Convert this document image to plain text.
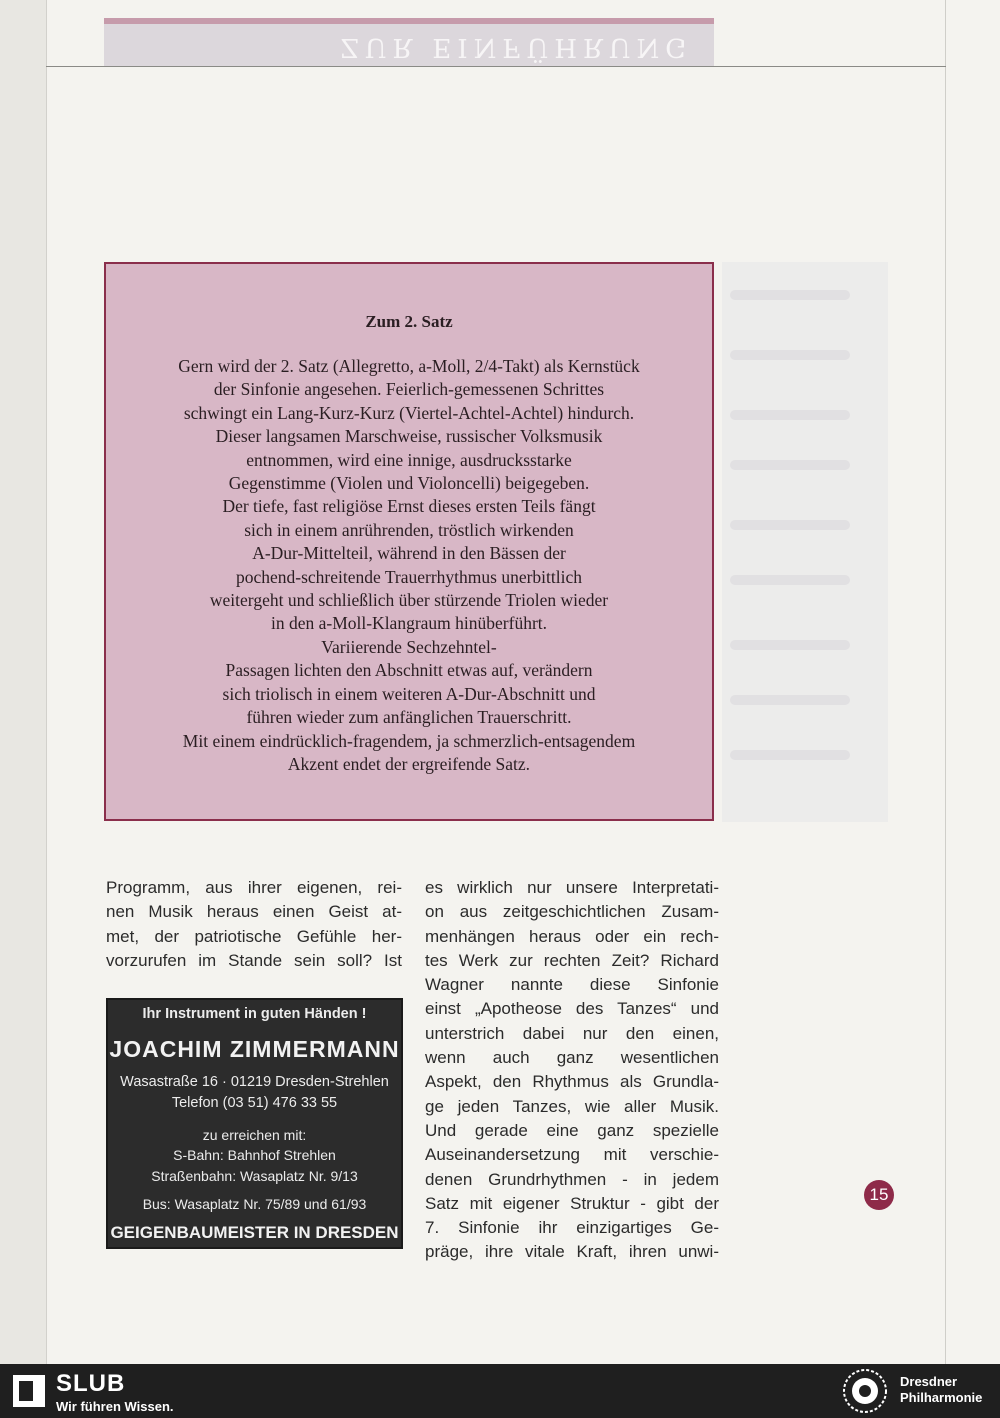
ZUR EINFÜHRUNG
Zum 2. Satz
Gern wird der 2. Satz (Allegretto, a-Moll, 2/4-Takt) als Kernstück
der Sinfonie angesehen. Feierlich-gemessenen Schrittes
schwingt ein Lang-Kurz-Kurz (Viertel-Achtel-Achtel) hindurch.
Dieser langsamen Marschweise, russischer Volksmusik
entnommen, wird eine innige, ausdrucksstarke
Gegenstimme (Violen und Violoncelli) beigegeben.
Der tiefe, fast religiöse Ernst dieses ersten Teils fängt
sich in einem anrührenden, tröstlich wirkenden
A-Dur-Mittelteil, während in den Bässen der
pochend-schreitende Trauerrhythmus unerbittlich
weitergeht und schließlich über stürzende Triolen wieder
in den a-Moll-Klangraum hinüberführt.
Variierende Sechzehntel-
Passagen lichten den Abschnitt etwas auf, verändern
sich triolisch in einem weiteren A-Dur-Abschnitt und
führen wieder zum anfänglichen Trauerschritt.
Mit einem eindrücklich-fragendem, ja schmerzlich-entsagendem
Akzent endet der ergreifende Satz.
Programm, aus ihrer eigenen, rei-
nen Musik heraus einen Geist at-
met, der patriotische Gefühle her-
vorzurufen im Stande sein soll? Ist
es wirklich nur unsere Interpretati-
on aus zeitgeschichtlichen Zusam-
menhängen heraus oder ein rech-
tes Werk zur rechten Zeit? Richard
Wagner nannte diese Sinfonie
einst „Apotheose des Tanzes“ und
unterstrich dabei nur den einen,
wenn auch ganz wesentlichen
Aspekt, den Rhythmus als Grundla-
ge jeden Tanzes, wie aller Musik.
Und gerade eine ganz spezielle
Auseinandersetzung mit verschie-
denen Grundrhythmen - in jedem
Satz mit eigener Struktur - gibt der
7. Sinfonie ihr einzigartiges Ge-
präge, ihre vitale Kraft, ihren unwi-
Ihr Instrument in guten Händen !
JOACHIM ZIMMERMANN
Wasastraße 16 · 01219 Dresden-Strehlen
Telefon (03 51) 476 33 55
zu erreichen mit:
S-Bahn: Bahnhof Strehlen
Straßenbahn: Wasaplatz Nr. 9/13
Bus: Wasaplatz Nr. 75/89 und 61/93
GEIGENBAUMEISTER IN DRESDEN
15
SLUB
Wir führen Wissen.
Dresdner
Philharmonie
